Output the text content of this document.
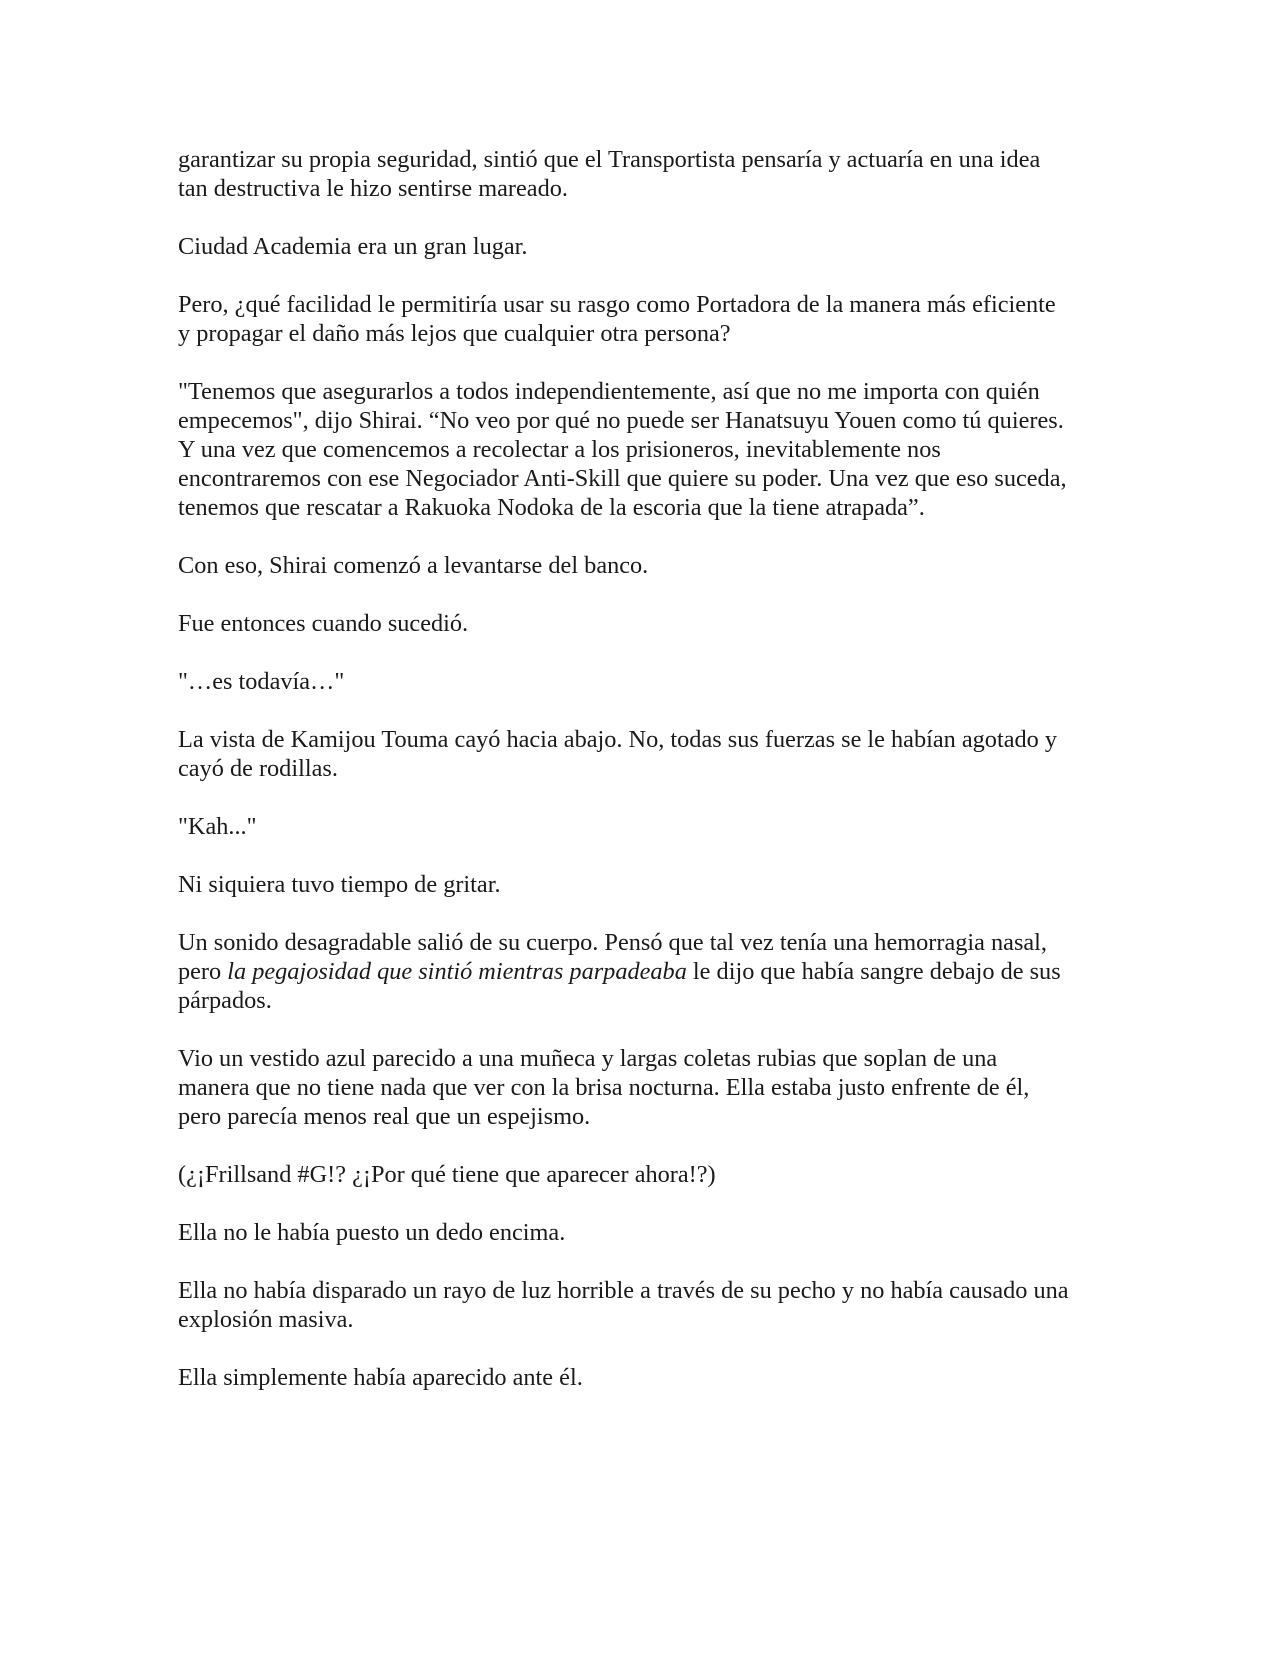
garantizar su propia seguridad, sintió que el Transportista pensaría y actuaría en una idea
tan destructiva le hizo sentirse mareado.

Ciudad Academia era un gran lugar.

Pero, ¿qué facilidad le permitiría usar su rasgo como Portadora de la manera más eficiente
y propagar el daño más lejos que cualquier otra persona?

"Tenemos que asegurarlos a todos independientemente, así que no me importa con quién
empecemos", dijo Shirai. “No veo por qué no puede ser Hanatsuyu Youen como tú quieres.
Y una vez que comencemos a recolectar a los prisioneros, inevitablemente nos
encontraremos con ese Negociador Anti-Skill que quiere su poder. Una vez que eso suceda,
tenemos que rescatar a Rakuoka Nodoka de la escoria que la tiene atrapada”.

Con eso, Shirai comenzó a levantarse del banco.

Fue entonces cuando sucedió.

"…es todavía…"

La vista de Kamijou Touma cayó hacia abajo. No, todas sus fuerzas se le habían agotado y
cayó de rodillas.

"Kah..."

Ni siquiera tuvo tiempo de gritar.

Un sonido desagradable salió de su cuerpo. Pensó que tal vez tenía una hemorragia nasal,
pero la pegajosidad que sintió mientras parpadeaba le dijo que había sangre debajo de sus
párpados.

Vio un vestido azul parecido a una muñeca y largas coletas rubias que soplan de una
manera que no tiene nada que ver con la brisa nocturna. Ella estaba justo enfrente de él,
pero parecía menos real que un espejismo.

(¿¡Frillsand #G!? ¿¡Por qué tiene que aparecer ahora!?)

Ella no le había puesto un dedo encima.

Ella no había disparado un rayo de luz horrible a través de su pecho y no había causado una
explosión masiva.

Ella simplemente había aparecido ante él.
